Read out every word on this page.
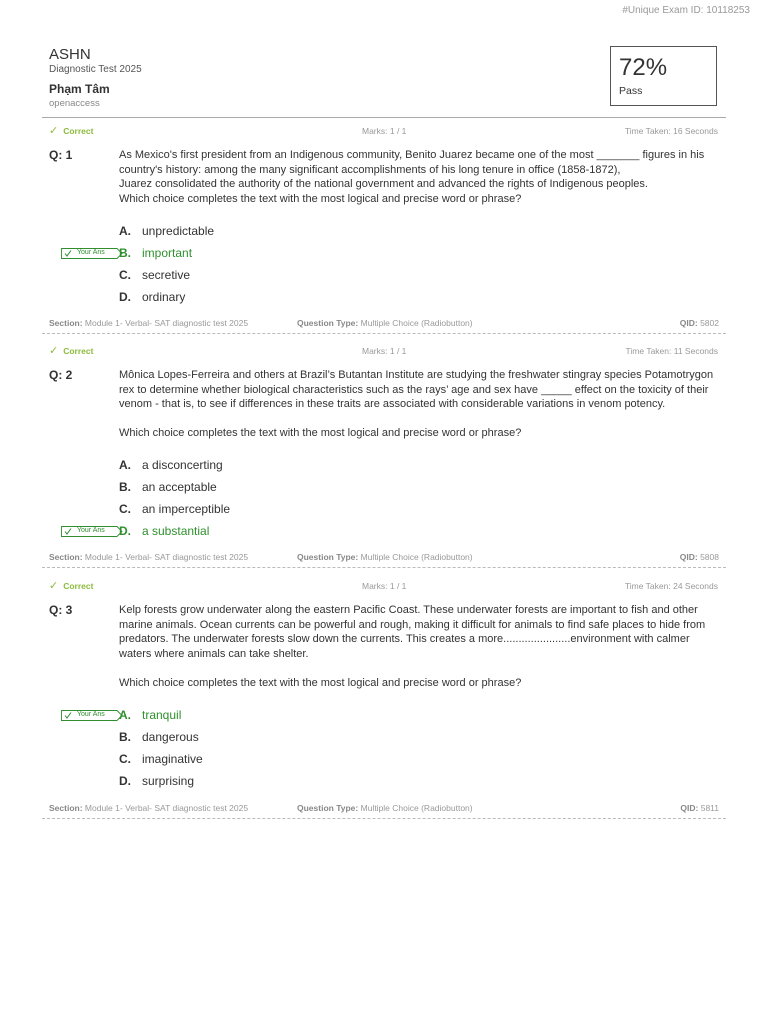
#Unique Exam ID: 10118253
ASHN
Diagnostic Test 2025
Phạm Tâm
openaccess
72%
Pass
✓ Correct	Marks: 1 / 1	Time Taken: 16 Seconds
Q: 1	As Mexico's first president from an Indigenous community, Benito Juarez became one of the most _______ figures in his country's history: among the many significant accomplishments of his long tenure in office (1858-1872),
Juarez consolidated the authority of the national government and advanced the rights of Indigenous peoples.
Which choice completes the text with the most logical and precise word or phrase?
A. unpredictable
B. important
Your Ans
C. secretive
D. ordinary
Section: Module 1- Verbal- SAT diagnostic test 2025	Question Type: Multiple Choice (Radiobutton)	QID: 5802
✓ Correct	Marks: 1 / 1	Time Taken: 11 Seconds
Q: 2	Mônica Lopes-Ferreira and others at Brazil’s Butantan Institute are studying the freshwater stingray species Potamotrygon rex to determine whether biological characteristics such as the rays’ age and sex have _____ effect on the toxicity of their venom - that is, to see if differences in these traits are associated with considerable variations in venom potency.

Which choice completes the text with the most logical and precise word or phrase?
A. a disconcerting
B. an acceptable
C. an imperceptible
D. a substantial
Your Ans
Section: Module 1- Verbal- SAT diagnostic test 2025	Question Type: Multiple Choice (Radiobutton)	QID: 5808
✓ Correct	Marks: 1 / 1	Time Taken: 24 Seconds
Q: 3	Kelp forests grow underwater along the eastern Pacific Coast. These underwater forests are important to fish and other marine animals. Ocean currents can be powerful and rough, making it difficult for animals to find safe places to hide from predators. The underwater forests slow down the currents. This creates a more......................environment with calmer waters where animals can take shelter.

Which choice completes the text with the most logical and precise word or phrase?
A. tranquil
Your Ans
B. dangerous
C. imaginative
D. surprising
Section: Module 1- Verbal- SAT diagnostic test 2025	Question Type: Multiple Choice (Radiobutton)	QID: 5811
